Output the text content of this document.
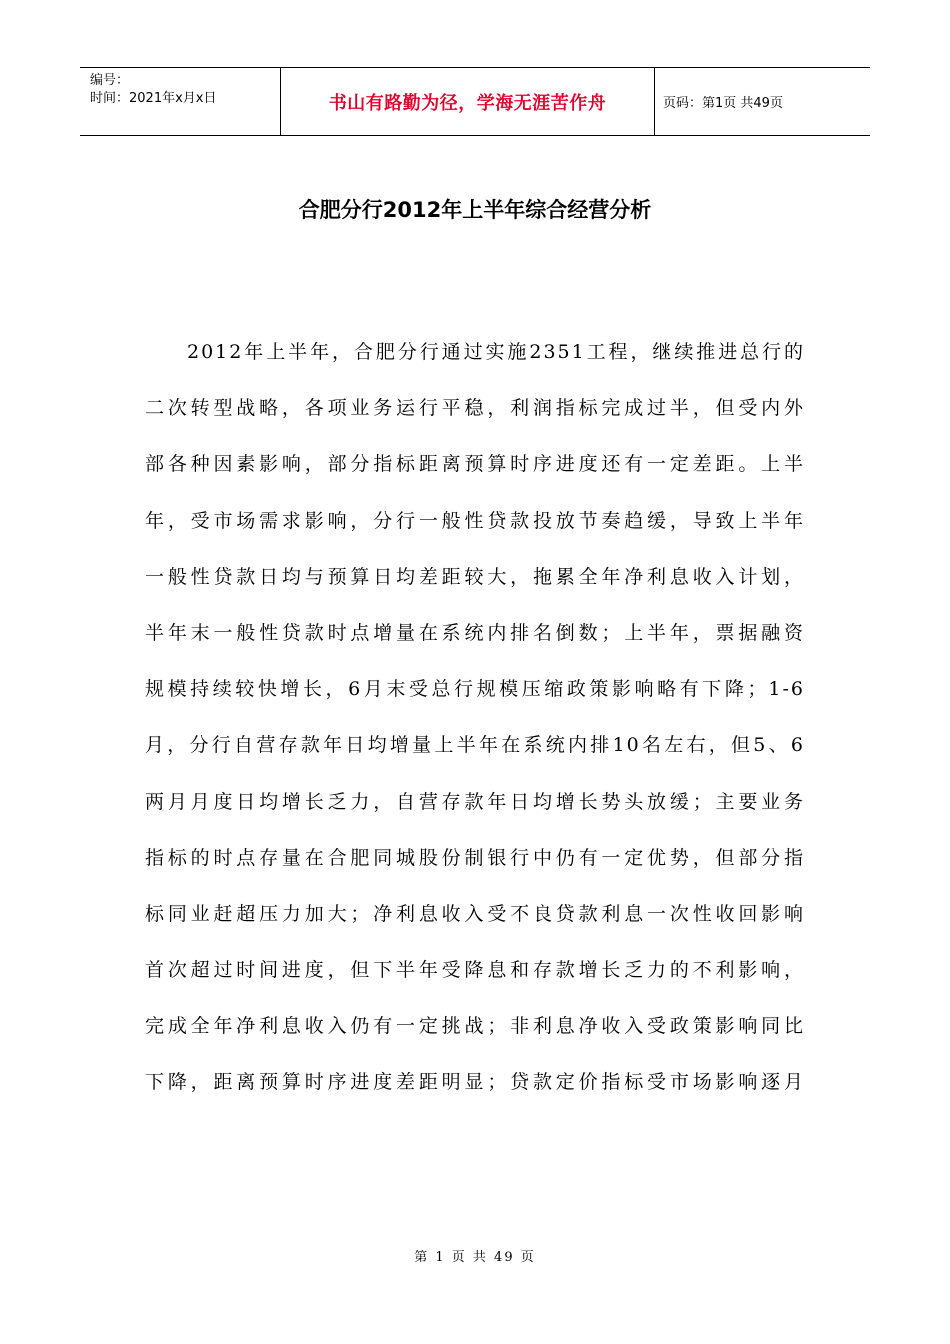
编号：
时间：2021年x月x日	书山有路勤为径，学海无涯苦作舟	页码：第1页 共49页
合肥分行2012年上半年综合经营分析
2012年上半年，合肥分行通过实施2351工程，继续推进总行的
二次转型战略，各项业务运行平稳，利润指标完成过半，但受内外
部各种因素影响，部分指标距离预算时序进度还有一定差距。上半
年，受市场需求影响，分行一般性贷款投放节奏趋缓，导致上半年
一般性贷款日均与预算日均差距较大，拖累全年净利息收入计划，
半年末一般性贷款时点增量在系统内排名倒数；上半年，票据融资
规模持续较快增长，6月末受总行规模压缩政策影响略有下降；1-6
月，分行自营存款年日均增量上半年在系统内排10名左右，但5、6
两月月度日均增长乏力，自营存款年日均增长势头放缓；主要业务
指标的时点存量在合肥同城股份制银行中仍有一定优势，但部分指
标同业赶超压力加大；净利息收入受不良贷款利息一次性收回影响
首次超过时间进度，但下半年受降息和存款增长乏力的不利影响，
完成全年净利息收入仍有一定挑战；非利息净收入受政策影响同比
下降，距离预算时序进度差距明显；贷款定价指标受市场影响逐月
第 1 页 共 49 页
